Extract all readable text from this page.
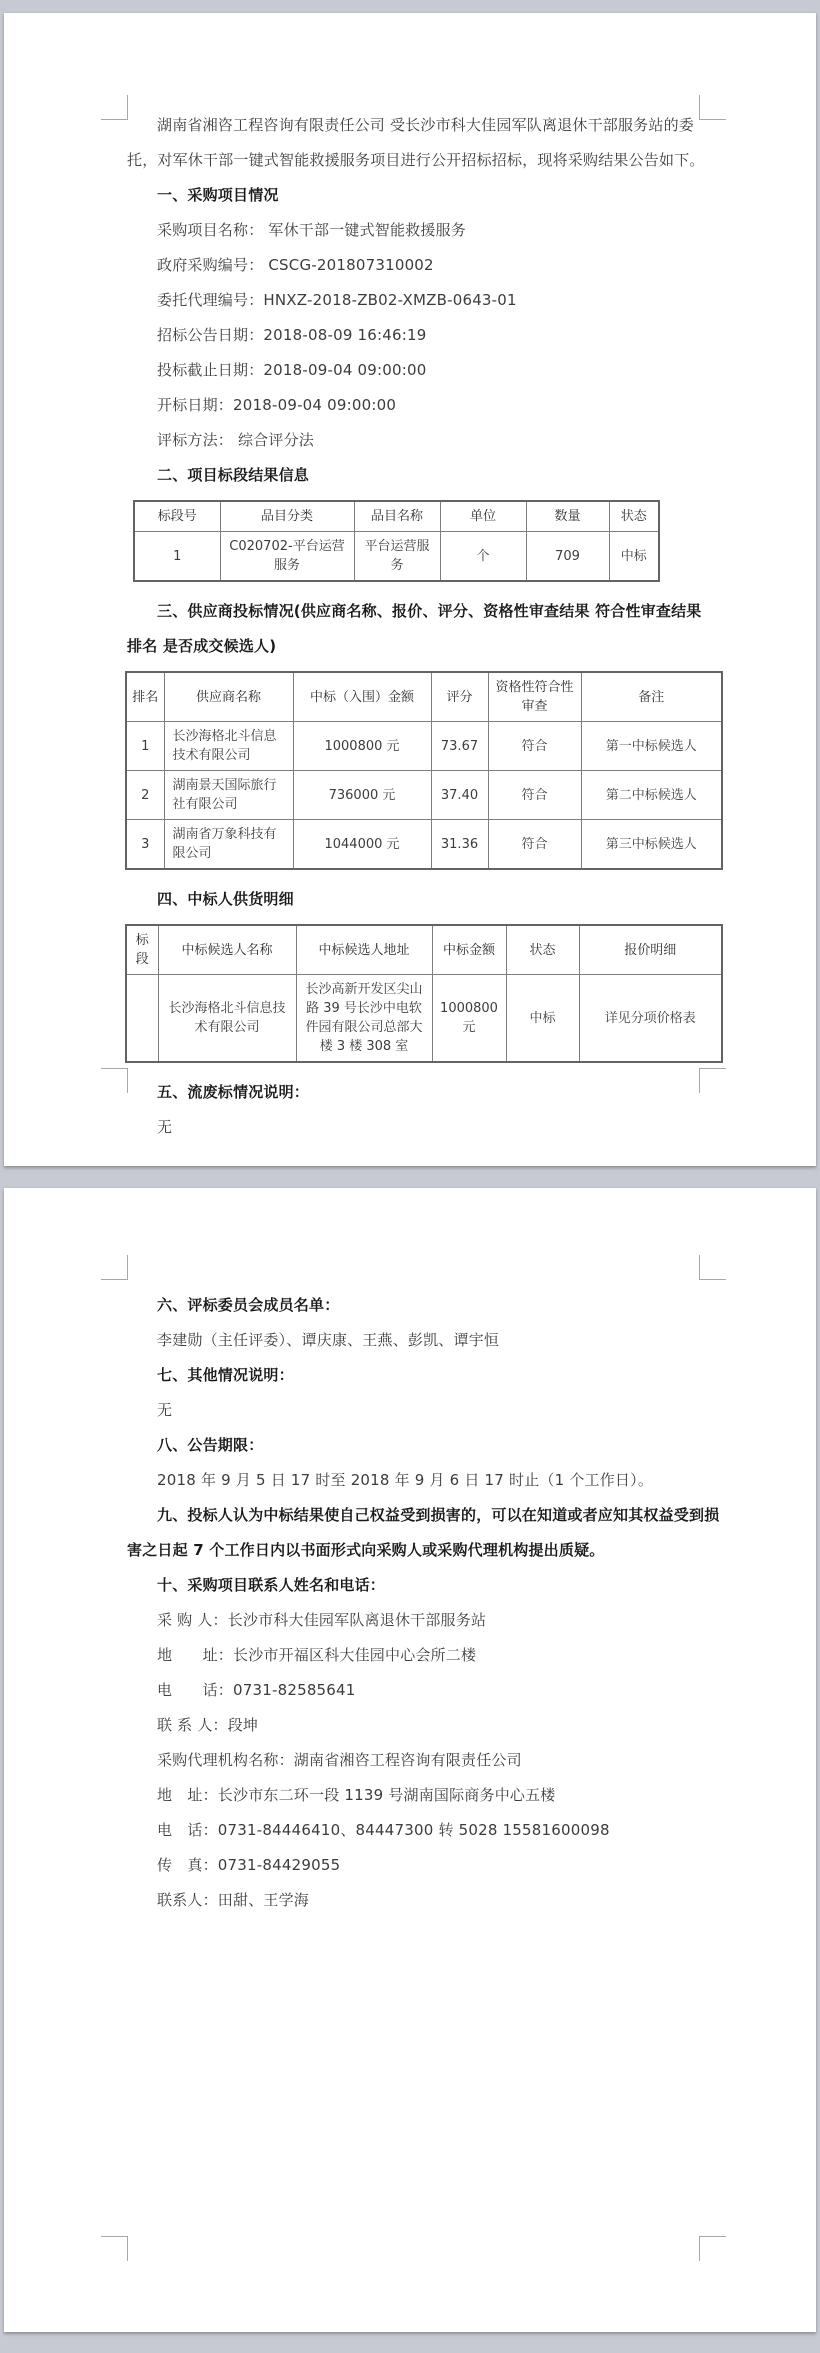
湖南省湘咨工程咨询有限责任公司 受长沙市科大佳园军队离退休干部服务站的委托，对军休干部一键式智能救援服务项目进行公开招标招标，现将采购结果公告如下。

一、采购项目情况

采购项目名称： 军休干部一键式智能救援服务

政府采购编号： CSCG-201807310002

委托代理编号：HNXZ-2018-ZB02-XMZB-0643-01

招标公告日期：2018-08-09 16:46:19

投标截止日期：2018-09-04 09:00:00

开标日期：2018-09-04 09:00:00

评标方法： 综合评分法

二、项目标段结果信息

标段号	品目分类	品目名称	单位	数量	状态
1	C020702-平台运营服务	平台运营服务	个	709	中标

三、供应商投标情况(供应商名称、报价、评分、资格性审查结果 符合性审查结果 排名 是否成交候选人)

排名	供应商名称	中标（入围）金额	评分	资格性符合性审查	备注
1	长沙海格北斗信息技术有限公司	1000800 元	73.67	符合	第一中标候选人
2	湖南景天国际旅行社有限公司	736000 元	37.40	符合	第二中标候选人
3	湖南省万象科技有限公司	1044000 元	31.36	符合	第三中标候选人

四、中标人供货明细

标段	中标候选人名称	中标候选人地址	中标金额	状态	报价明细
	长沙海格北斗信息技术有限公司	长沙高新开发区尖山路 39 号长沙中电软件园有限公司总部大楼 3 楼 308 室	1000800 元	中标	详见分项价格表

五、流废标情况说明：

无

六、评标委员会成员名单：

李建勋（主任评委）、谭庆康、王燕、彭凯、谭宇恒

七、其他情况说明：

无

八、公告期限：

2018 年 9 月 5 日 17 时至 2018 年 9 月 6 日 17 时止（1 个工作日）。

九、投标人认为中标结果使自己权益受到损害的，可以在知道或者应知其权益受到损害之日起 7 个工作日内以书面形式向采购人或采购代理机构提出质疑。

十、采购项目联系人姓名和电话：

采 购 人：长沙市科大佳园军队离退休干部服务站

地　　址：长沙市开福区科大佳园中心会所二楼

电　　话：0731-82585641

联 系 人：段坤

采购代理机构名称：湖南省湘咨工程咨询有限责任公司

地　址：长沙市东二环一段 1139 号湖南国际商务中心五楼

电　话：0731-84446410、84447300 转 5028 15581600098

传　真：0731-84429055

联系人：田甜、王学海
